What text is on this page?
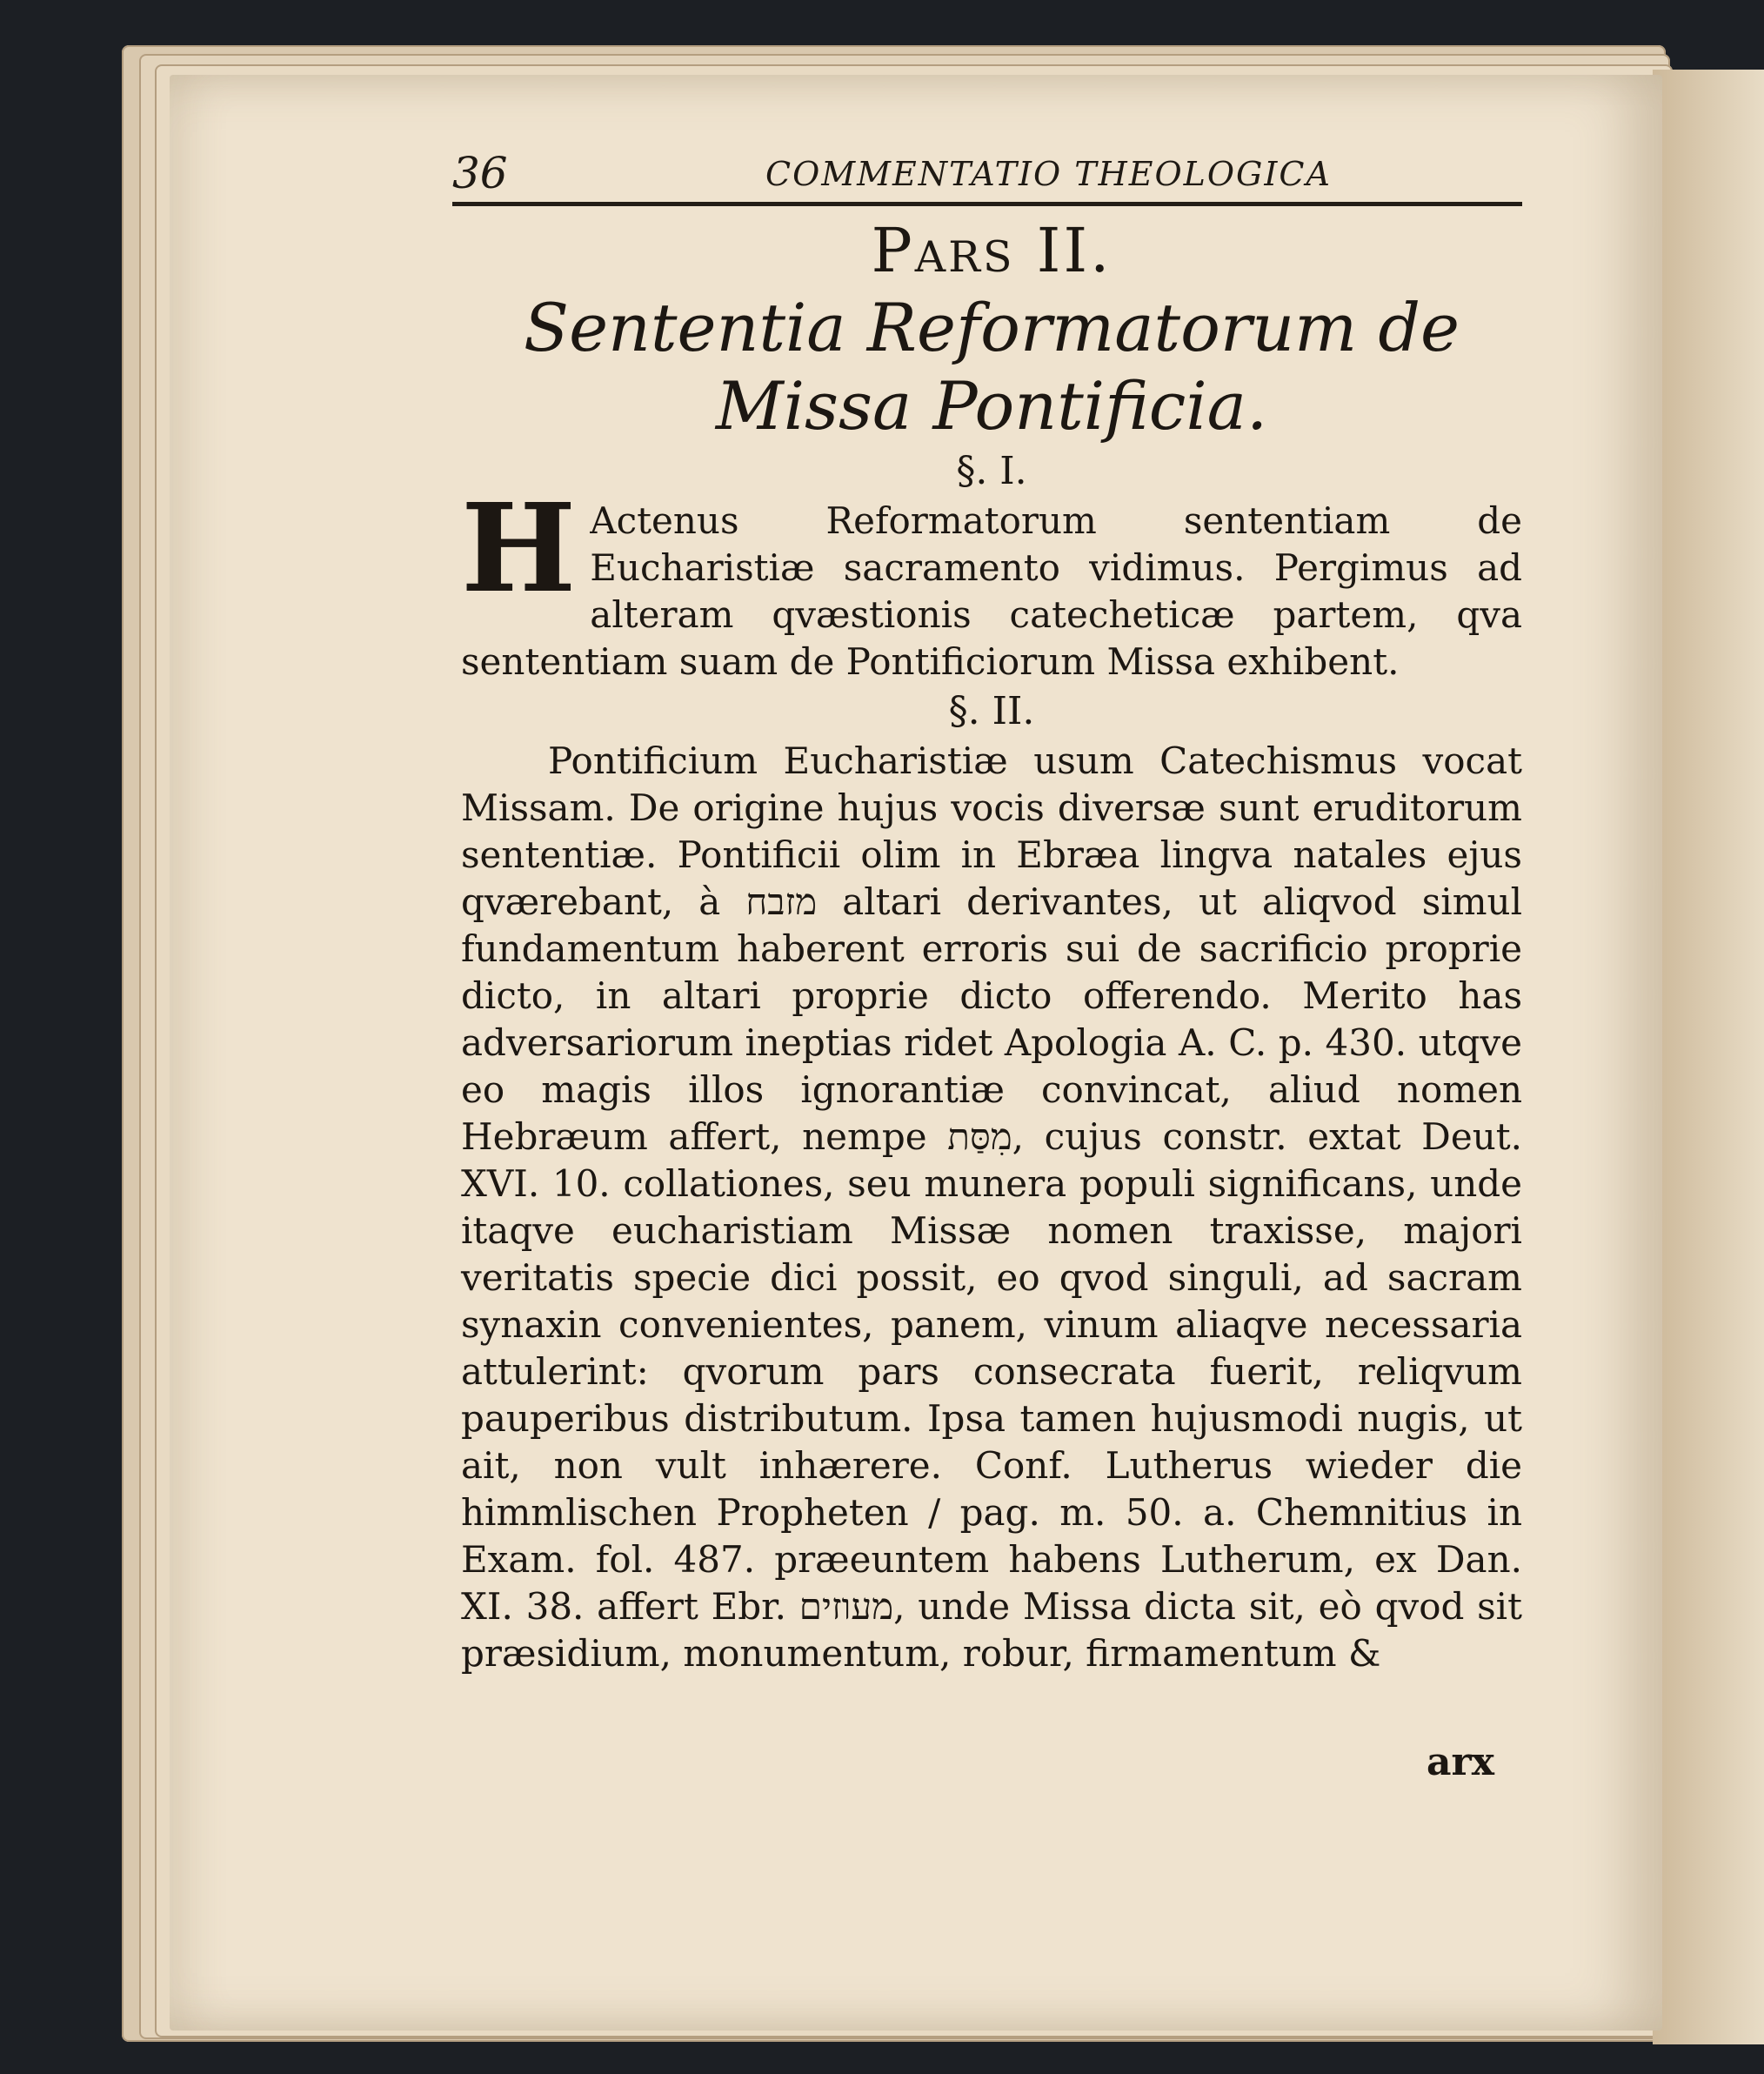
36	COMMENTATIO THEOLOGICA
Pars II.
Sententia Reformatorum de Missa Pontificia.

§. I.

H Actenus Reformatorum sententiam de Eucharistiæ sacramento vidimus. Pergimus ad alteram qvæstionis catecheticæ partem, qva sententiam suam de Pontificiorum Missa exhibent.

§. II.

Pontificium Eucharistiæ usum Catechismus vocat Missam. De origine hujus vocis diversæ sunt eruditorum sententiæ. Pontificii olim in Ebræa lingva natales ejus qværebant, à מזבח altari derivantes, ut aliqvod simul fundamentum haberent erroris sui de sacrificio proprie dicto, in altari proprie dicto offerendo. Merito has adversariorum ineptias ridet Apologia A. C. p. 430. utqve eo magis illos ignorantiæ convincat, aliud nomen Hebræum affert, nempe מִסַּת, cujus constr. extat Deut. XVI. 10. collationes, seu munera populi significans, unde itaqve eucharistiam Missæ nomen traxisse, majori veritatis specie dici possit, eo qvod singuli, ad sacram synaxin convenientes, panem, vinum aliaqve necessaria attulerint: qvorum pars consecrata fuerit, reliqvum pauperibus distributum. Ipsa tamen hujusmodi nugis, ut ait, non vult inhærere. Conf. Lutherus wieder die himmlischen Propheten / pag. m. 50. a. Chemnitius in Exam. fol. 487. præeuntem habens Lutherum, ex Dan. XI. 38. affert Ebr. מעוזים, unde Missa dicta sit, eò qvod sit præsidium, monumentum, robur, firmamentum &

arx
